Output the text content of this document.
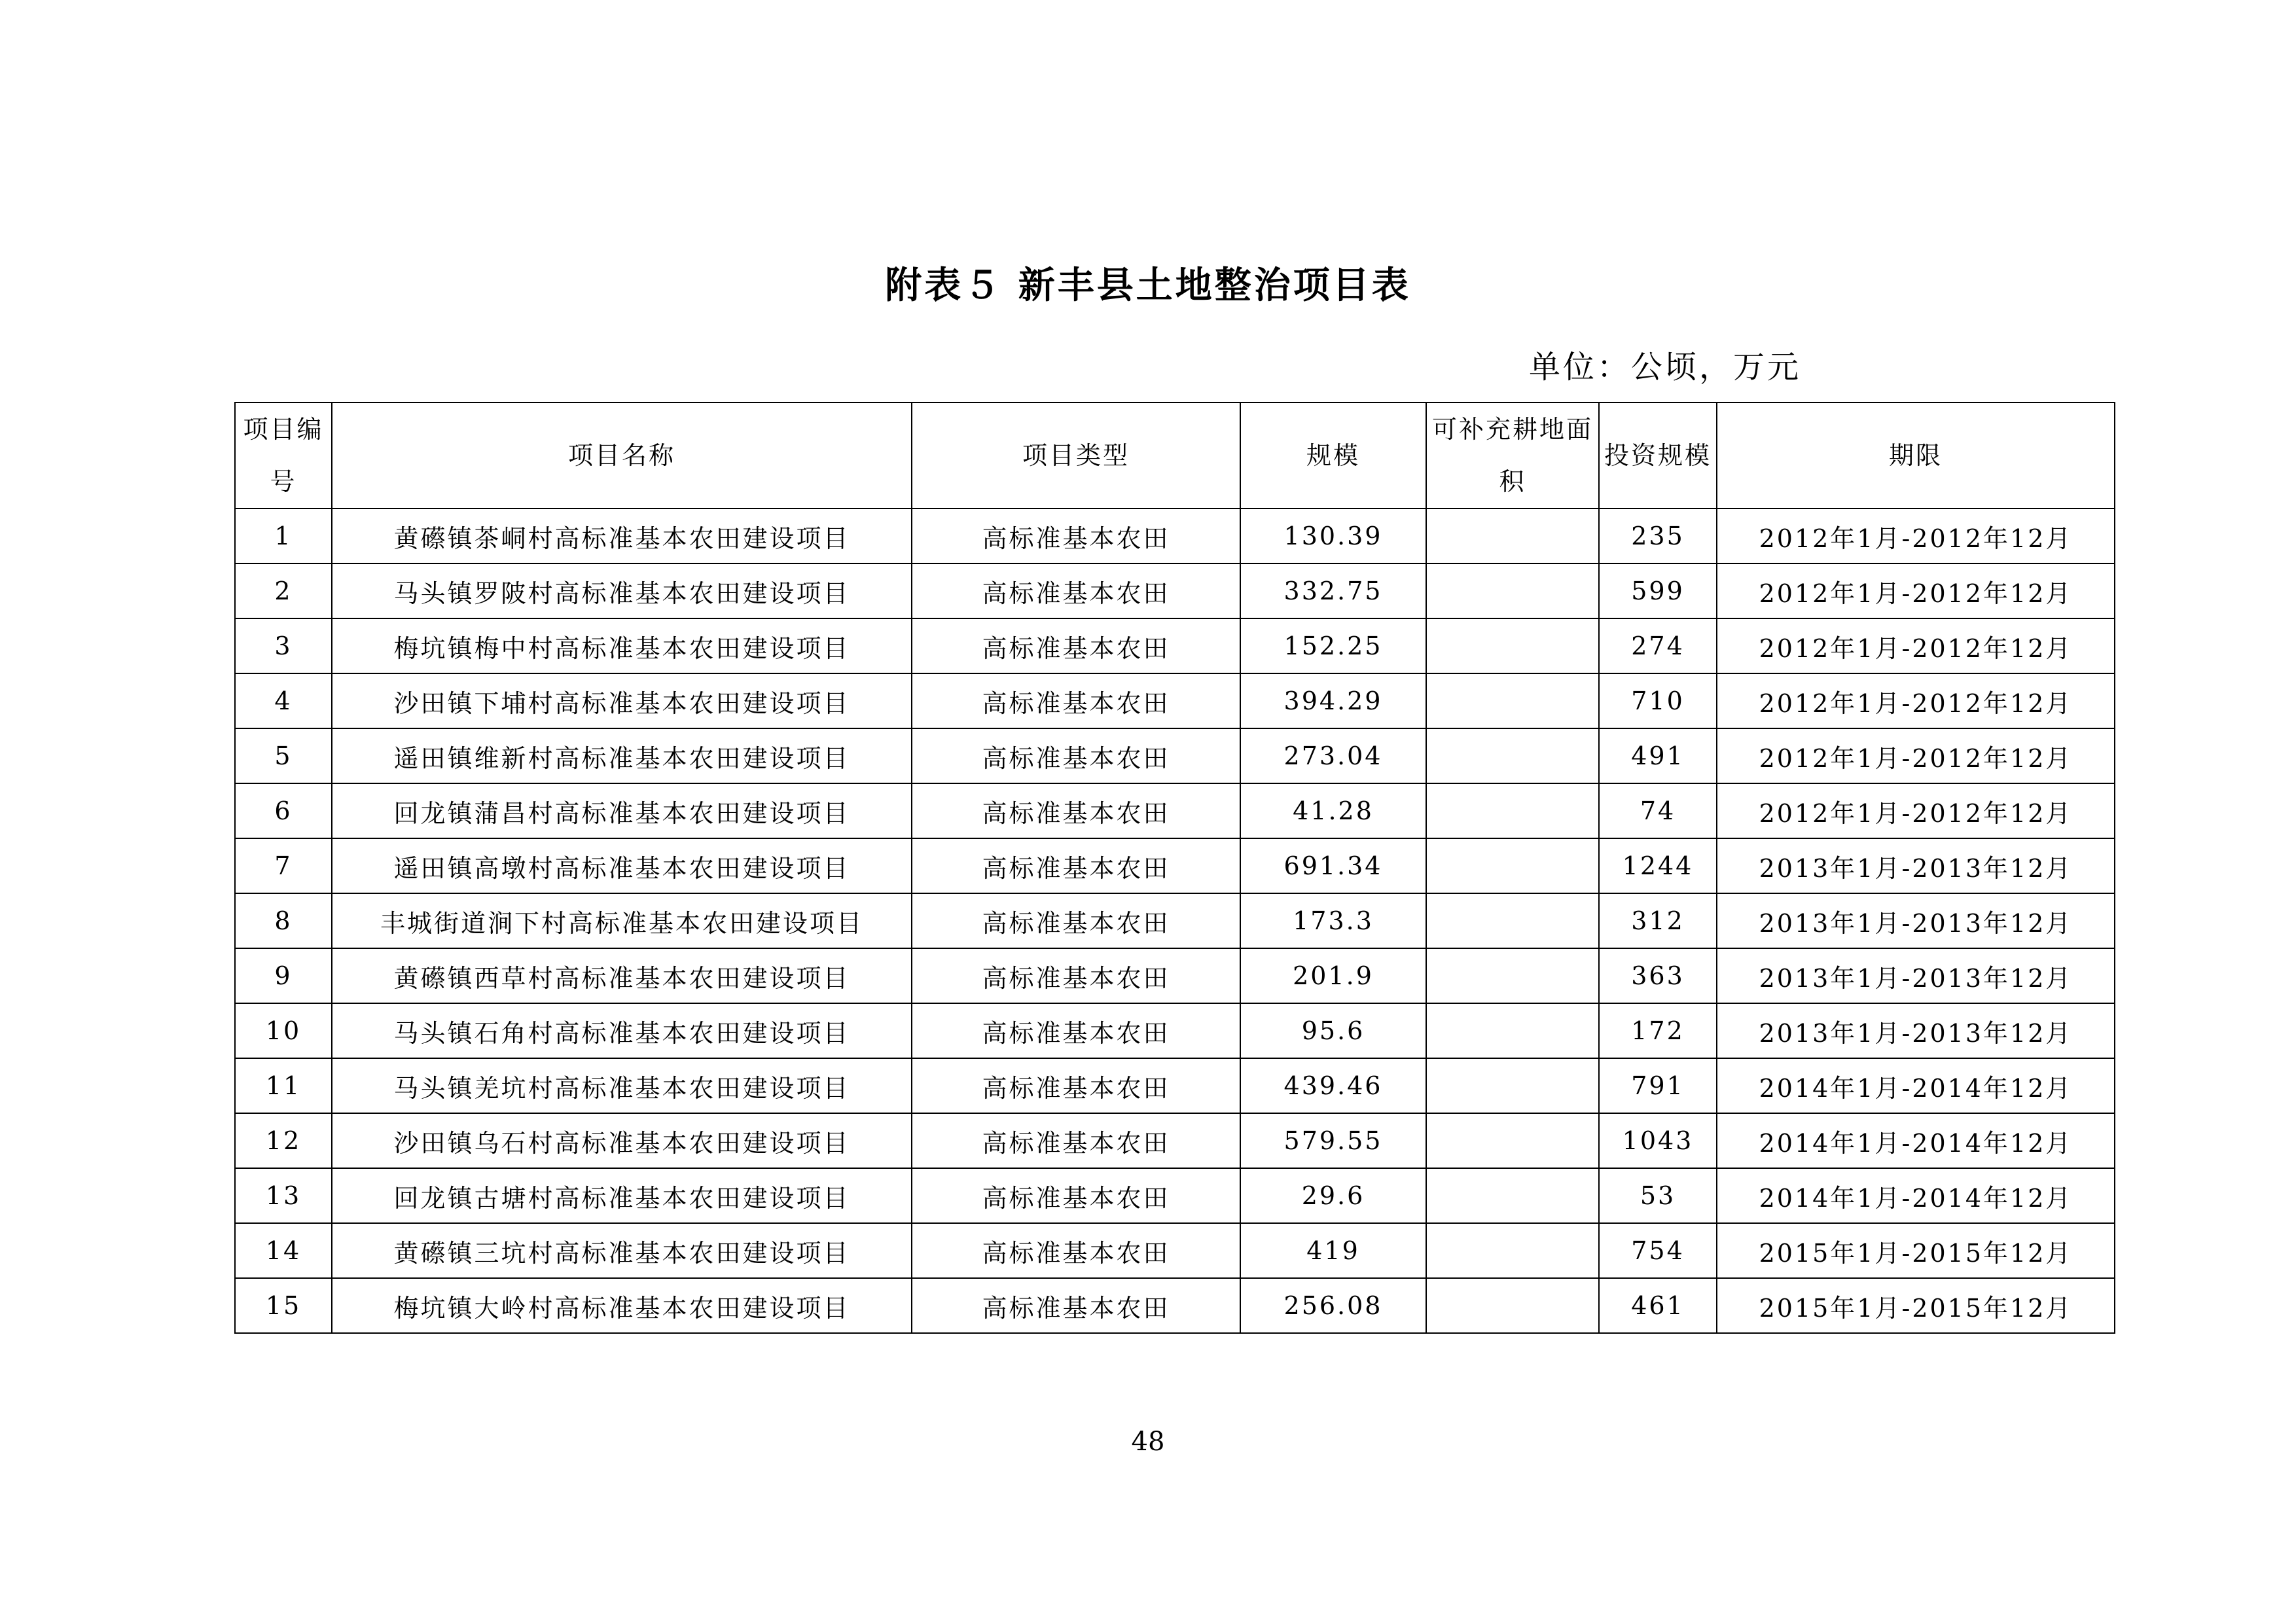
附表５ 新丰县土地整治项目表
单位：公顷，万元
项目编号	项目名称	项目类型	规模	可补充耕地面积	投资规模	期限
1	黄礤镇茶峒村高标准基本农田建设项目	高标准基本农田	130.39		235	2012年1月-2012年12月
2	马头镇罗陂村高标准基本农田建设项目	高标准基本农田	332.75		599	2012年1月-2012年12月
3	梅坑镇梅中村高标准基本农田建设项目	高标准基本农田	152.25		274	2012年1月-2012年12月
4	沙田镇下埔村高标准基本农田建设项目	高标准基本农田	394.29		710	2012年1月-2012年12月
5	遥田镇维新村高标准基本农田建设项目	高标准基本农田	273.04		491	2012年1月-2012年12月
6	回龙镇蒲昌村高标准基本农田建设项目	高标准基本农田	41.28		74	2012年1月-2012年12月
7	遥田镇高墩村高标准基本农田建设项目	高标准基本农田	691.34		1244	2013年1月-2013年12月
8	丰城街道涧下村高标准基本农田建设项目	高标准基本农田	173.3		312	2013年1月-2013年12月
9	黄礤镇西草村高标准基本农田建设项目	高标准基本农田	201.9		363	2013年1月-2013年12月
10	马头镇石角村高标准基本农田建设项目	高标准基本农田	95.6		172	2013年1月-2013年12月
11	马头镇羌坑村高标准基本农田建设项目	高标准基本农田	439.46		791	2014年1月-2014年12月
12	沙田镇乌石村高标准基本农田建设项目	高标准基本农田	579.55		1043	2014年1月-2014年12月
13	回龙镇古塘村高标准基本农田建设项目	高标准基本农田	29.6		53	2014年1月-2014年12月
14	黄礤镇三坑村高标准基本农田建设项目	高标准基本农田	419		754	2015年1月-2015年12月
15	梅坑镇大岭村高标准基本农田建设项目	高标准基本农田	256.08		461	2015年1月-2015年12月
48
